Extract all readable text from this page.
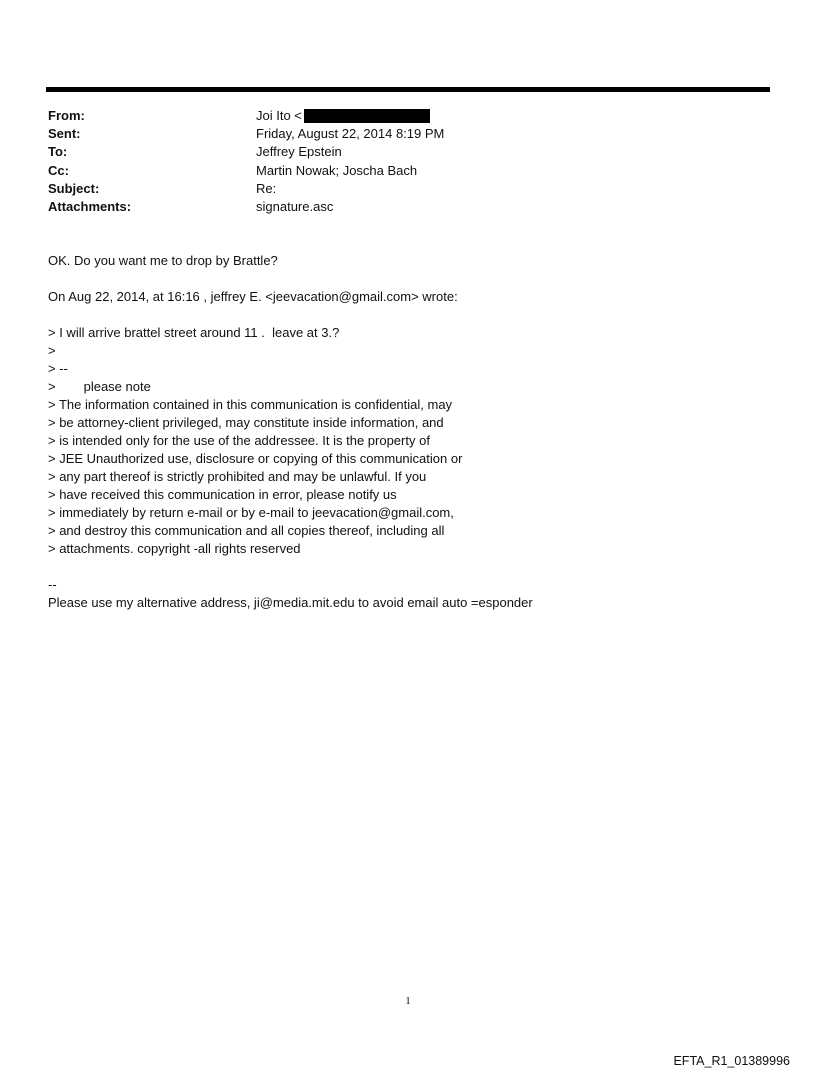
From:	Joi Ito <
Sent:	Friday, August 22, 2014 8:19 PM
To:	Jeffrey Epstein
Cc:	Martin Nowak; Joscha Bach
Subject:	Re:
Attachments:	signature.asc
OK. Do you want me to drop by Brattle?
On Aug 22, 2014, at 16:16 , jeffrey E. <jeevacation@gmail.com> wrote:
> I will arrive brattel street around 11 .  leave at 3.?
>
> --
> please note
> The information contained in this communication is confidential, may
> be attorney-client privileged, may constitute inside information, and
> is intended only for the use of the addressee. It is the property of
> JEE Unauthorized use, disclosure or copying of this communication or
> any part thereof is strictly prohibited and may be unlawful. If you
> have received this communication in error, please notify us
> immediately by return e-mail or by e-mail to jeevacation@gmail.com,
> and destroy this communication and all copies thereof, including all
> attachments. copyright -all rights reserved
--
Please use my alternative address, ji@media.mit.edu to avoid email auto =esponder
1
EFTA_R1_01389996
